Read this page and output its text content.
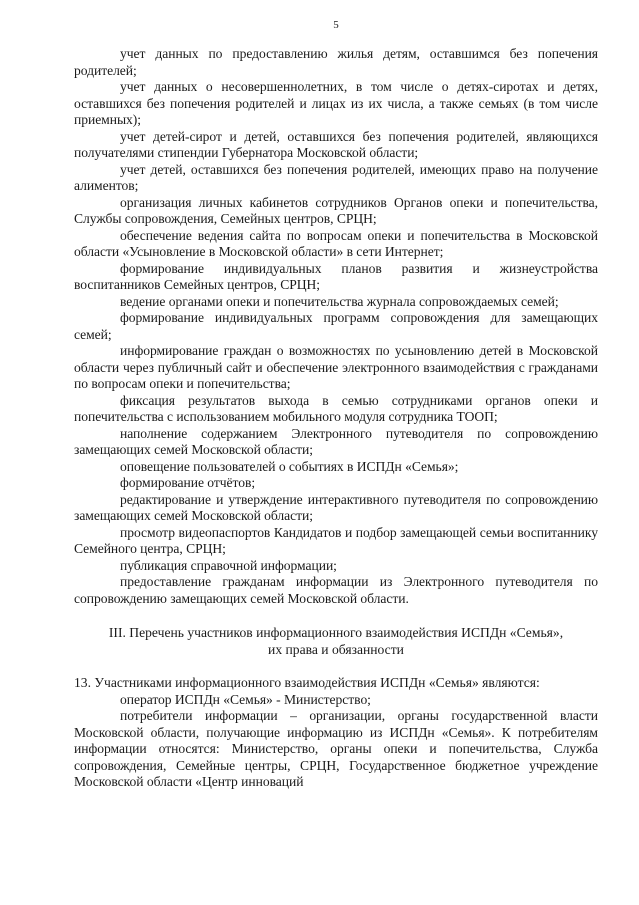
5

учет данных по предоставлению жилья детям, оставшимся без попечения родителей;

учет данных о несовершеннолетних, в том числе о детях-сиротах и детях, оставшихся без попечения родителей и лицах из их числа, а также семьях (в том числе приемных);

учет детей-сирот и детей, оставшихся без попечения родителей, являющихся получателями стипендии Губернатора Московской области;

учет детей, оставшихся без попечения родителей, имеющих право на получение алиментов;

организация личных кабинетов сотрудников Органов опеки и попечительства, Службы сопровождения, Семейных центров, СРЦН;

обеспечение ведения сайта по вопросам опеки и попечительства в Московской области «Усыновление в Московской области» в сети Интернет;

формирование индивидуальных планов развития и жизнеустройства воспитанников Семейных центров, СРЦН;

ведение органами опеки и попечительства журнала сопровождаемых семей;

формирование индивидуальных программ сопровождения для замещающих семей;

информирование граждан о возможностях по усыновлению детей в Московской области через публичный сайт и обеспечение электронного взаимодействия с гражданами по вопросам опеки и попечительства;

фиксация результатов выхода в семью сотрудниками органов опеки и попечительства с использованием мобильного модуля сотрудника ТООП;

наполнение содержанием Электронного путеводителя по сопровождению замещающих семей Московской области;

оповещение пользователей о событиях в ИСПДн «Семья»;

формирование отчётов;

редактирование и утверждение интерактивного путеводителя по сопровождению замещающих семей Московской области;

просмотр видеопаспортов Кандидатов и подбор замещающей семьи воспитаннику Семейного центра, СРЦН;

публикация справочной информации;

предоставление гражданам информации из Электронного путеводителя по сопровождению замещающих семей Московской области.

III. Перечень участников информационного взаимодействия ИСПДн «Семья»,
их права и обязанности

13. Участниками информационного взаимодействия ИСПДн «Семья» являются:

оператор ИСПДн «Семья» - Министерство;

потребители информации – организации, органы государственной власти Московской области, получающие информацию из ИСПДн «Семья». К потребителям информации относятся: Министерство, органы опеки и попечительства, Служба сопровождения, Семейные центры, СРЦН, Государственное бюджетное учреждение Московской области «Центр инноваций
